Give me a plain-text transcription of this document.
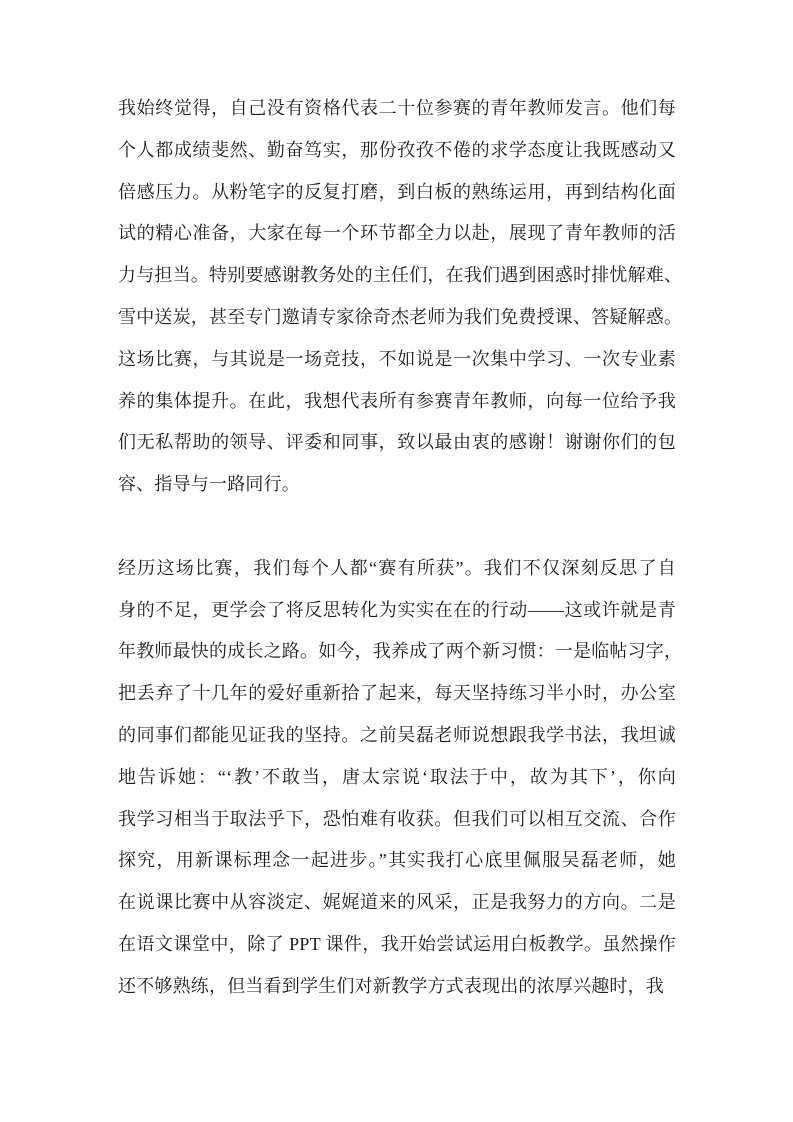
我始终觉得，自己没有资格代表二十位参赛的青年教师发言。他们每
个人都成绩斐然、勤奋笃实，那份孜孜不倦的求学态度让我既感动又
倍感压力。从粉笔字的反复打磨，到白板的熟练运用，再到结构化面
试的精心准备，大家在每一个环节都全力以赴，展现了青年教师的活
力与担当。特别要感谢教务处的主任们，在我们遇到困惑时排忧解难、
雪中送炭，甚至专门邀请专家徐奇杰老师为我们免费授课、答疑解惑。
这场比赛，与其说是一场竞技，不如说是一次集中学习、一次专业素
养的集体提升。在此，我想代表所有参赛青年教师，向每一位给予我
们无私帮助的领导、评委和同事，致以最由衷的感谢！谢谢你们的包
容、指导与一路同行。
经历这场比赛，我们每个人都“赛有所获”。我们不仅深刻反思了自
身的不足，更学会了将反思转化为实实在在的行动——这或许就是青
年教师最快的成长之路。如今，我养成了两个新习惯：一是临帖习字，
把丢弃了十几年的爱好重新拾了起来，每天坚持练习半小时，办公室
的同事们都能见证我的坚持。之前吴磊老师说想跟我学书法，我坦诚
地告诉她：“‘教’不敢当，唐太宗说‘取法于中，故为其下’，你向
我学习相当于取法乎下，恐怕难有收获。但我们可以相互交流、合作
探究，用新课标理念一起进步。”其实我打心底里佩服吴磊老师，她
在说课比赛中从容淡定、娓娓道来的风采，正是我努力的方向。二是
在语文课堂中，除了 PPT 课件，我开始尝试运用白板教学。虽然操作
还不够熟练，但当看到学生们对新教学方式表现出的浓厚兴趣时，我
